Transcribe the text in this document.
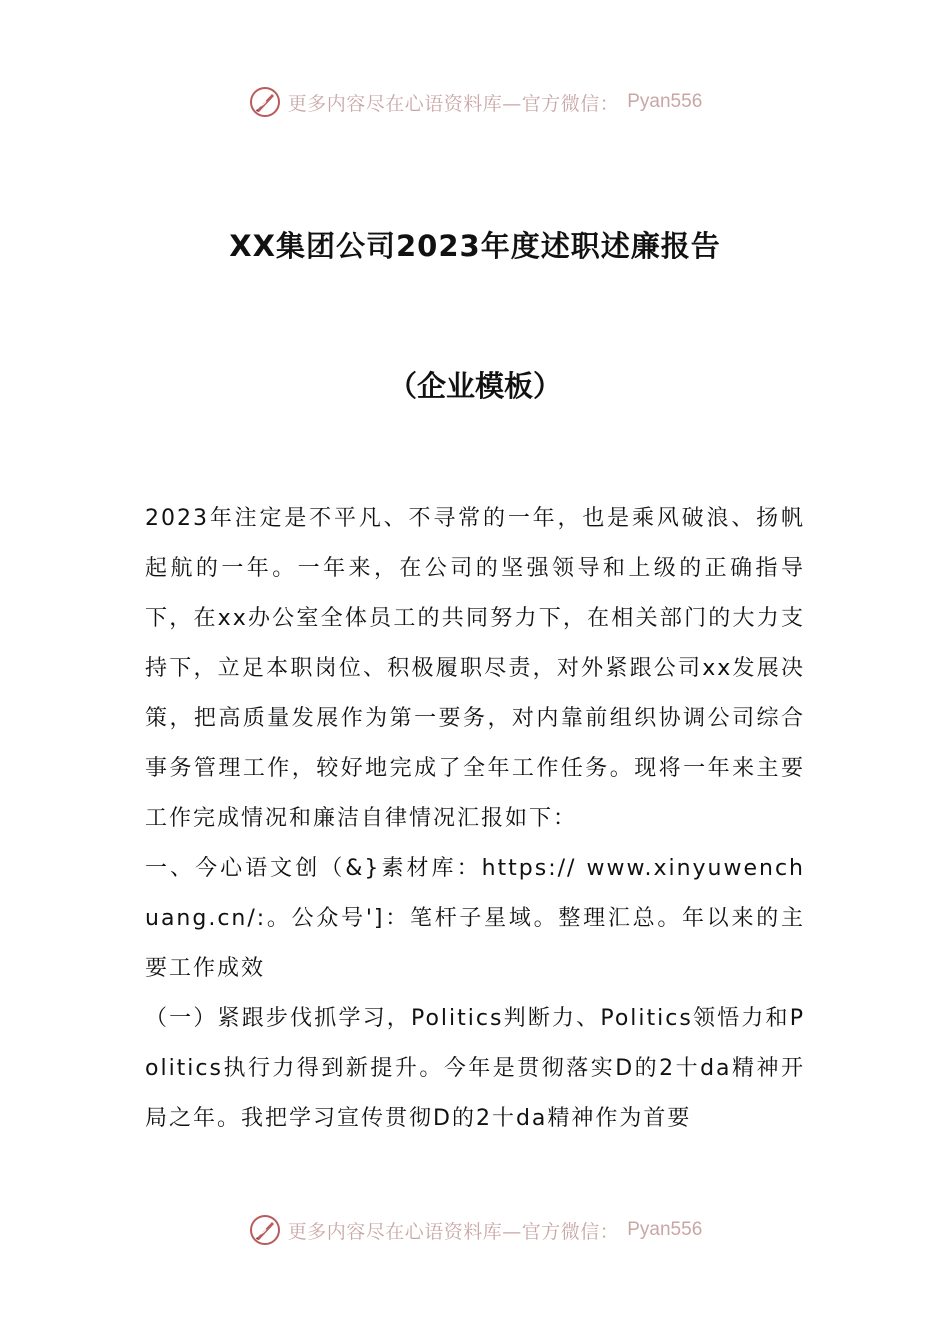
更多内容尽在心语资料库—官方微信： Pyan556
XX集团公司2023年度述职述廉报告
（企业模板）

2023年注定是不平凡、不寻常的一年，也是乘风破浪、扬帆起航的一年。一年来，在公司的坚强领导和上级的正确指导下，在xx办公室全体员工的共同努力下，在相关部门的大力支持下，立足本职岗位、积极履职尽责，对外紧跟公司xx发展决策，把高质量发展作为第一要务，对内靠前组织协调公司综合事务管理工作，较好地完成了全年工作任务。现将一年来主要工作完成情况和廉洁自律情况汇报如下：

一、今心语文创（&}素材库：https:// www.xinyuwenchuang.cn/:。公众号']：笔杆子星域。整理汇总。年以来的主要工作成效

（一）紧跟步伐抓学习，Politics判断力、Politics领悟力和Politics执行力得到新提升。今年是贯彻落实D的2十da精神开局之年。我把学习宣传贯彻D的2十da精神作为首要

更多内容尽在心语资料库—官方微信： Pyan556
